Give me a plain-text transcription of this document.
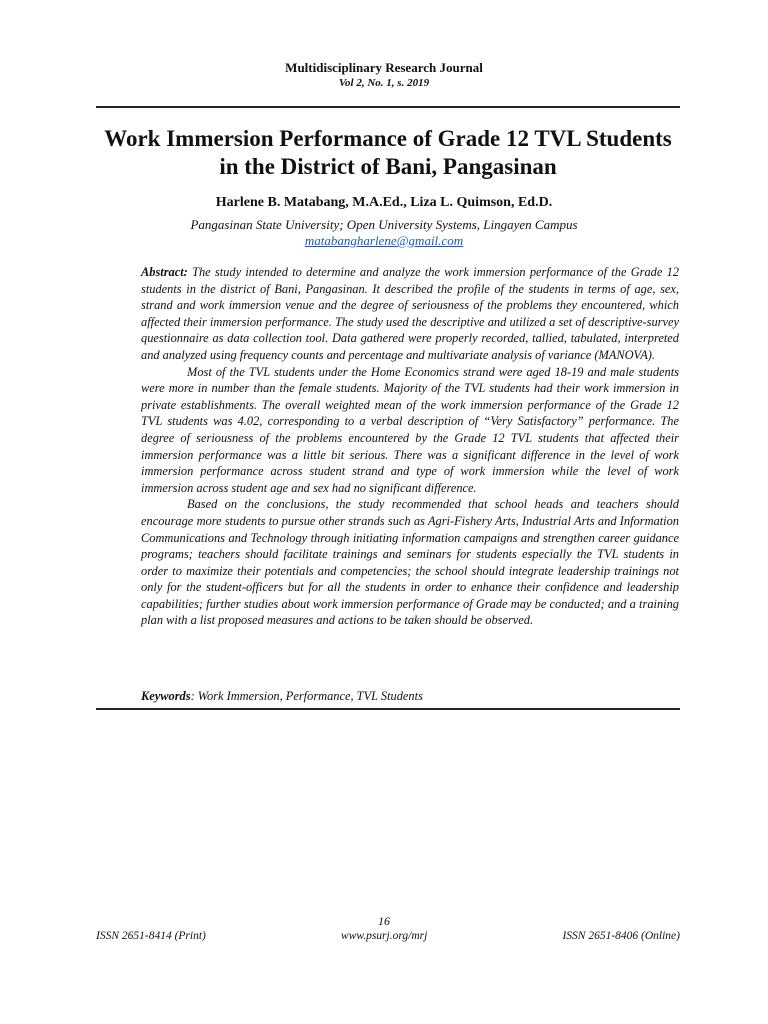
Multidisciplinary Research Journal
Vol 2, No. 1, s. 2019
Work Immersion Performance of Grade 12 TVL Students
in the District of Bani, Pangasinan
Harlene B. Matabang, M.A.Ed., Liza L. Quimson, Ed.D.
Pangasinan State University; Open University Systems, Lingayen Campus
matabangharlene@gmail.com

Abstract: The study intended to determine and analyze the work immersion performance of the Grade 12 students in the district of Bani, Pangasinan. It described the profile of the students in terms of age, sex, strand and work immersion venue and the degree of seriousness of the problems they encountered, which affected their immersion performance. The study used the descriptive and utilized a set of descriptive-survey questionnaire as data collection tool. Data gathered were properly recorded, tallied, tabulated, interpreted and analyzed using frequency counts and percentage and multivariate analysis of variance (MANOVA).

Most of the TVL students under the Home Economics strand were aged 18-19 and male students were more in number than the female students. Majority of the TVL students had their work immersion in private establishments. The overall weighted mean of the work immersion performance of the Grade 12 TVL students was 4.02, corresponding to a verbal description of “Very Satisfactory” performance. The degree of seriousness of the problems encountered by the Grade 12 TVL students that affected their immersion performance was a little bit serious. There was a significant difference in the level of work immersion performance across student strand and type of work immersion while the level of work immersion across student age and sex had no significant difference.

Based on the conclusions, the study recommended that school heads and teachers should encourage more students to pursue other strands such as Agri-Fishery Arts, Industrial Arts and Information Communications and Technology through initiating information campaigns and strengthen career guidance programs; teachers should facilitate trainings and seminars for students especially the TVL students in order to maximize their potentials and competencies; the school should integrate leadership trainings not only for the student-officers but for all the students in order to enhance their confidence and leadership capabilities; further studies about work immersion performance of Grade may be conducted; and a training plan with a list proposed measures and actions to be taken should be observed.

Keywords: Work Immersion, Performance, TVL Students
16
ISSN 2651-8414 (Print)	www.psurj.org/mrj	ISSN 2651-8406 (Online)
